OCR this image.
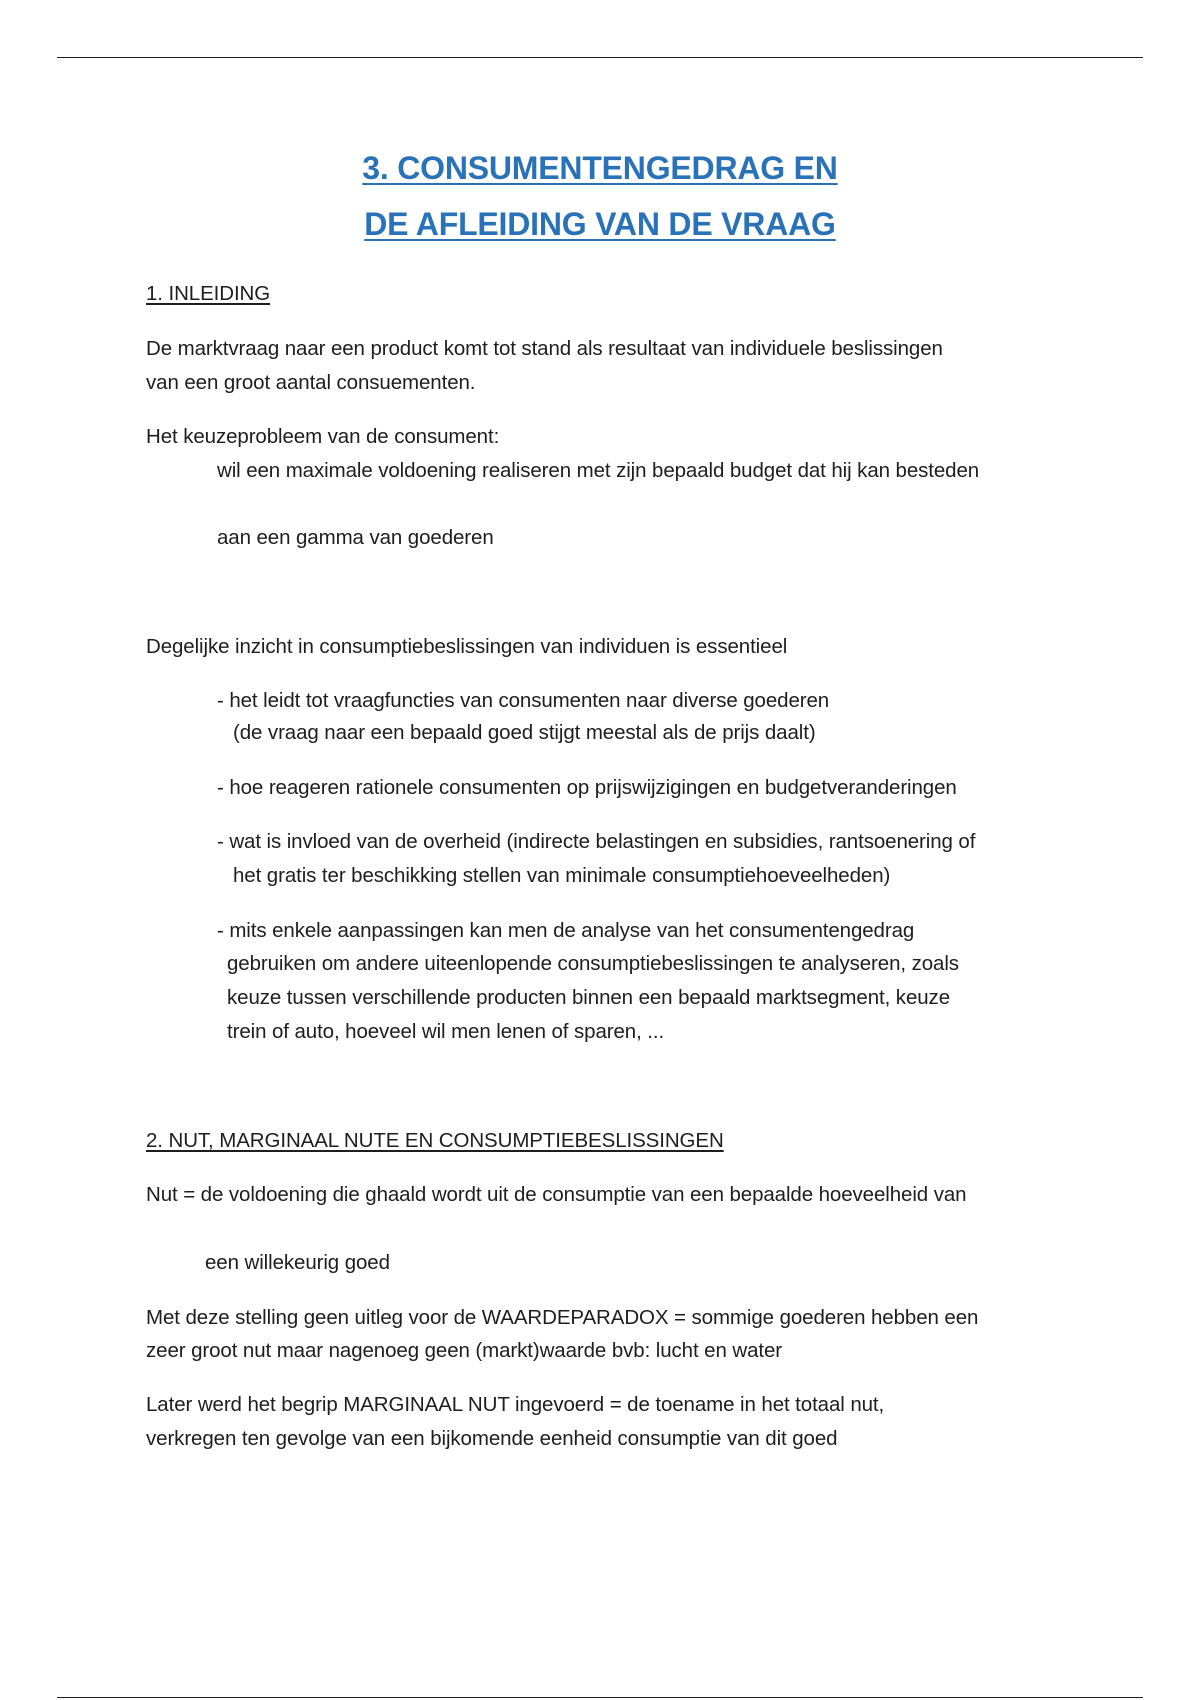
3. CONSUMENTENGEDRAG EN
DE AFLEIDING VAN DE VRAAG
1. INLEIDING
De marktvraag naar een product komt tot stand als resultaat van individuele beslissingen
van een groot aantal consuementen.
Het keuzeprobleem van de consument:
wil een maximale voldoening realiseren met zijn bepaald budget dat hij kan besteden
aan een gamma van goederen
Degelijke inzicht in consumptiebeslissingen van individuen is essentieel
- het leidt tot vraagfuncties van consumenten naar diverse goederen
(de vraag naar een bepaald goed stijgt meestal als de prijs daalt)
- hoe reageren rationele consumenten op prijswijzigingen en budgetveranderingen
- wat is invloed van de overheid (indirecte belastingen en subsidies, rantsoenering of
het gratis ter beschikking stellen van minimale consumptiehoeveelheden)
- mits enkele aanpassingen kan men de analyse van het consumentengedrag
gebruiken om andere uiteenlopende consumptiebeslissingen te analyseren, zoals
keuze tussen verschillende producten binnen een bepaald marktsegment, keuze
trein of auto, hoeveel wil men lenen of sparen, ...
2. NUT, MARGINAAL NUTE EN CONSUMPTIEBESLISSINGEN
Nut = de voldoening die ghaald wordt uit de consumptie van een bepaalde hoeveelheid van
een willekeurig goed
Met deze stelling geen uitleg voor de WAARDEPARADOX = sommige goederen hebben een
zeer groot nut maar nagenoeg geen (markt)waarde bvb: lucht en water
Later werd het begrip MARGINAAL NUT ingevoerd = de toename in het totaal nut,
verkregen ten gevolge van een bijkomende eenheid consumptie van dit goed
